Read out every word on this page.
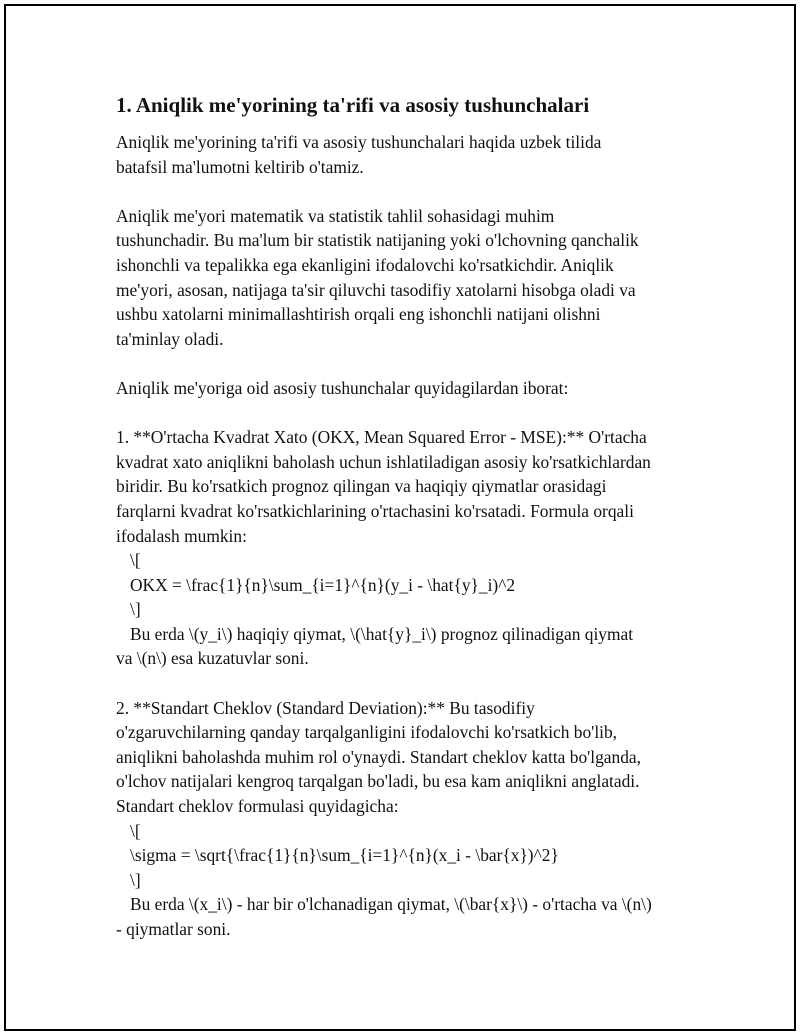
1. Aniqlik me'yorining ta'rifi va asosiy tushunchalari

Aniqlik me'yorining ta'rifi va asosiy tushunchalari haqida uzbek tilida
batafsil ma'lumotni keltirib o'tamiz.

Aniqlik me'yori matematik va statistik tahlil sohasidagi muhim
tushunchadir. Bu ma'lum bir statistik natijaning yoki o'lchovning qanchalik
ishonchli va tepalikka ega ekanligini ifodalovchi ko'rsatkichdir. Aniqlik
me'yori, asosan, natijaga ta'sir qiluvchi tasodifiy xatolarni hisobga oladi va
ushbu xatolarni minimallashtirish orqali eng ishonchli natijani olishni
ta'minlay oladi.

Aniqlik me'yoriga oid asosiy tushunchalar quyidagilardan iborat:

1. **O'rtacha Kvadrat Xato (OKX, Mean Squared Error - MSE):** O'rtacha
kvadrat xato aniqlikni baholash uchun ishlatiladigan asosiy ko'rsatkichlardan
biridir. Bu ko'rsatkich prognoz qilingan va haqiqiy qiymatlar orasidagi
farqlarni kvadrat ko'rsatkichlarining o'rtachasini ko'rsatadi. Formula orqali
ifodalash mumkin:
\[
OKX = \frac{1}{n}\sum_{i=1}^{n}(y_i - \hat{y}_i)^2
\]
Bu erda \(y_i\) haqiqiy qiymat, \(\hat{y}_i\) prognoz qilinadigan qiymat
va \(n\) esa kuzatuvlar soni.

2. **Standart Cheklov (Standard Deviation):** Bu tasodifiy
o'zgaruvchilarning qanday tarqalganligini ifodalovchi ko'rsatkich bo'lib,
aniqlikni baholashda muhim rol o'ynaydi. Standart cheklov katta bo'lganda,
o'lchov natijalari kengroq tarqalgan bo'ladi, bu esa kam aniqlikni anglatadi.
Standart cheklov formulasi quyidagicha:
\[
\sigma = \sqrt{\frac{1}{n}\sum_{i=1}^{n}(x_i - \bar{x})^2}
\]
Bu erda \(x_i\) - har bir o'lchanadigan qiymat, \(\bar{x}\) - o'rtacha va \(n\)
- qiymatlar soni.
